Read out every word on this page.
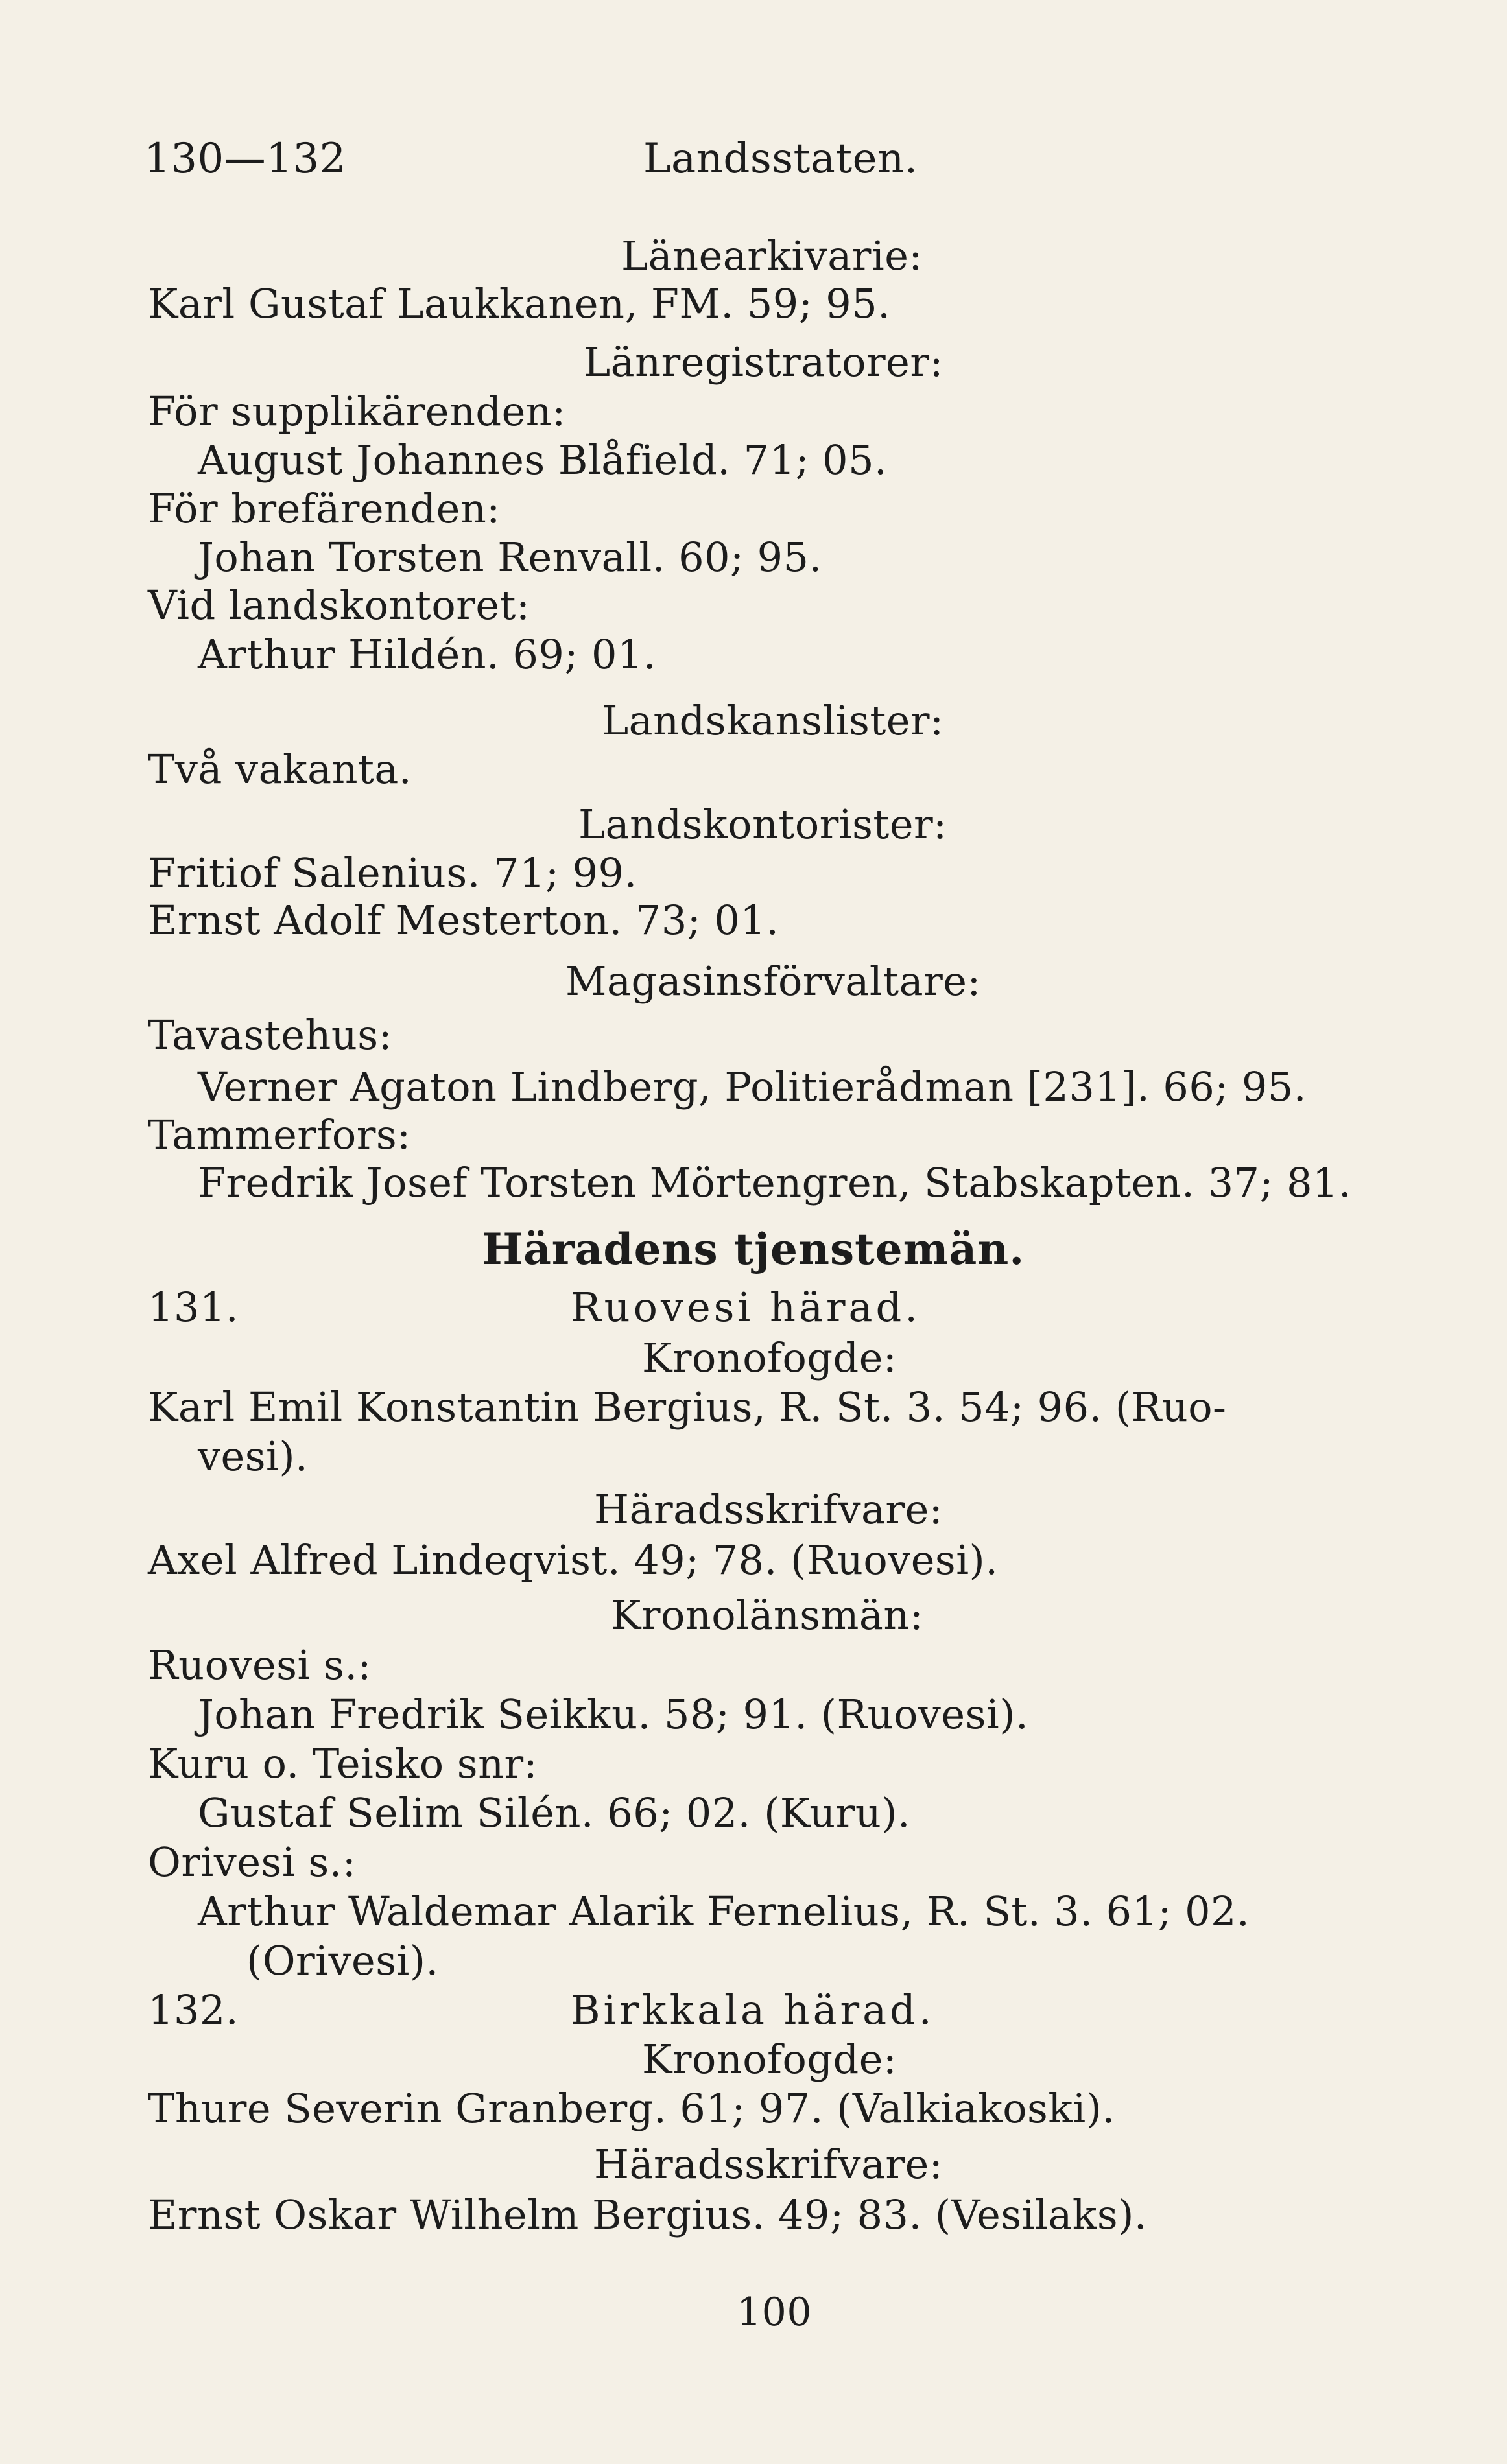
130—132	Landsstaten.
Länearkivarie:
Karl Gustaf Laukkanen, FM. 59; 95.
Länregistratorer:
För supplikärenden:
August Johannes Blåfield. 71; 05.
För brefärenden:
Johan Torsten Renvall. 60; 95.
Vid landskontoret:
Arthur Hildén. 69; 01.
Landskanslister:
Två vakanta.
Landskontorister:
Fritiof Salenius. 71; 99.
Ernst Adolf Mesterton. 73; 01.
Magasinsförvaltare:
Tavastehus:
Verner Agaton Lindberg, Politierådman [231]. 66; 95.
Tammerfors:
Fredrik Josef Torsten Mörtengren, Stabskapten. 37; 81.
Häradens tjenstemän.
131.	Ruovesi härad.
Kronofogde:
Karl Emil Konstantin Bergius, R. St. 3. 54; 96. (Ruo-
vesi).
Häradsskrifvare:
Axel Alfred Lindeqvist. 49; 78. (Ruovesi).
Kronolänsmän:
Ruovesi s.:
Johan Fredrik Seikku. 58; 91. (Ruovesi).
Kuru o. Teisko snr:
Gustaf Selim Silén. 66; 02. (Kuru).
Orivesi s.:
Arthur Waldemar Alarik Fernelius, R. St. 3. 61; 02.
(Orivesi).
132.	Birkkala härad.
Kronofogde:
Thure Severin Granberg. 61; 97. (Valkiakoski).
Häradsskrifvare:
Ernst Oskar Wilhelm Bergius. 49; 83. (Vesilaks).
100
